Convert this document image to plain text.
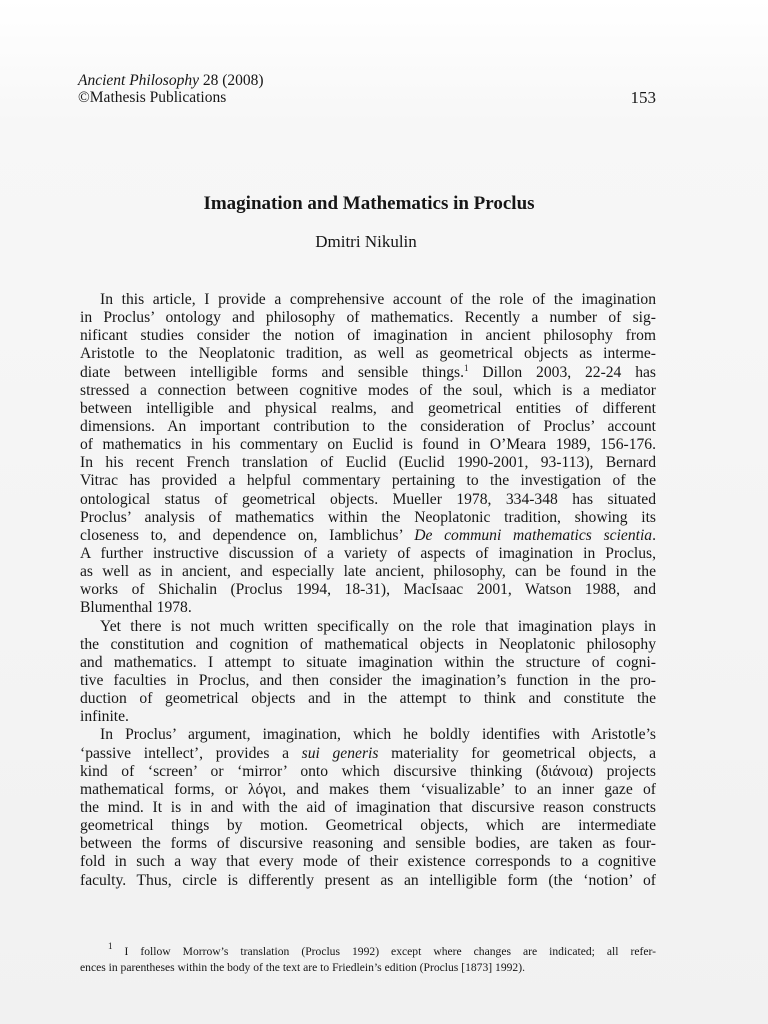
Ancient Philosophy 28 (2008)
©Mathesis Publications	153
Imagination and Mathematics in Proclus
Dmitri Nikulin
In this article, I provide a comprehensive account of the role of the imagination
in Proclus’ ontology and philosophy of mathematics. Recently a number of sig-
nificant studies consider the notion of imagination in ancient philosophy from
Aristotle to the Neoplatonic tradition, as well as geometrical objects as interme-
diate between intelligible forms and sensible things.$^1$ Dillon 2003, 22-24 has
stressed a connection between cognitive modes of the soul, which is a mediator
between intelligible and physical realms, and geometrical entities of different
dimensions. An important contribution to the consideration of Proclus’ account
of mathematics in his commentary on Euclid is found in O’Meara 1989, 156-176.
In his recent French translation of Euclid (Euclid 1990-2001, 93-113), Bernard
Vitrac has provided a helpful commentary pertaining to the investigation of the
ontological status of geometrical objects. Mueller 1978, 334-348 has situated
Proclus’ analysis of mathematics within the Neoplatonic tradition, showing its
closeness to, and dependence on, Iamblichus’ De communi mathematics scientia.
A further instructive discussion of a variety of aspects of imagination in Proclus,
as well as in ancient, and especially late ancient, philosophy, can be found in the
works of Shichalin (Proclus 1994, 18-31), MacIsaac 2001, Watson 1988, and
Blumenthal 1978.
Yet there is not much written specifically on the role that imagination plays in
the constitution and cognition of mathematical objects in Neoplatonic philosophy
and mathematics. I attempt to situate imagination within the structure of cogni-
tive faculties in Proclus, and then consider the imagination’s function in the pro-
duction of geometrical objects and in the attempt to think and constitute the
infinite.
In Proclus’ argument, imagination, which he boldly identifies with Aristotle’s
‘passive intellect’, provides a sui generis materiality for geometrical objects, a
kind of ‘screen’ or ‘mirror’ onto which discursive thinking (διάνοια) projects
mathematical forms, or λόγοι, and makes them ‘visualizable’ to an inner gaze of
the mind. It is in and with the aid of imagination that discursive reason constructs
geometrical things by motion. Geometrical objects, which are intermediate
between the forms of discursive reasoning and sensible bodies, are taken as four-
fold in such a way that every mode of their existence corresponds to a cognitive
faculty. Thus, circle is differently present as an intelligible form (the ‘notion’ of
$^1$ I follow Morrow’s translation (Proclus 1992) except where changes are indicated; all refer-
ences in parentheses within the body of the text are to Friedlein’s edition (Proclus [1873] 1992).
